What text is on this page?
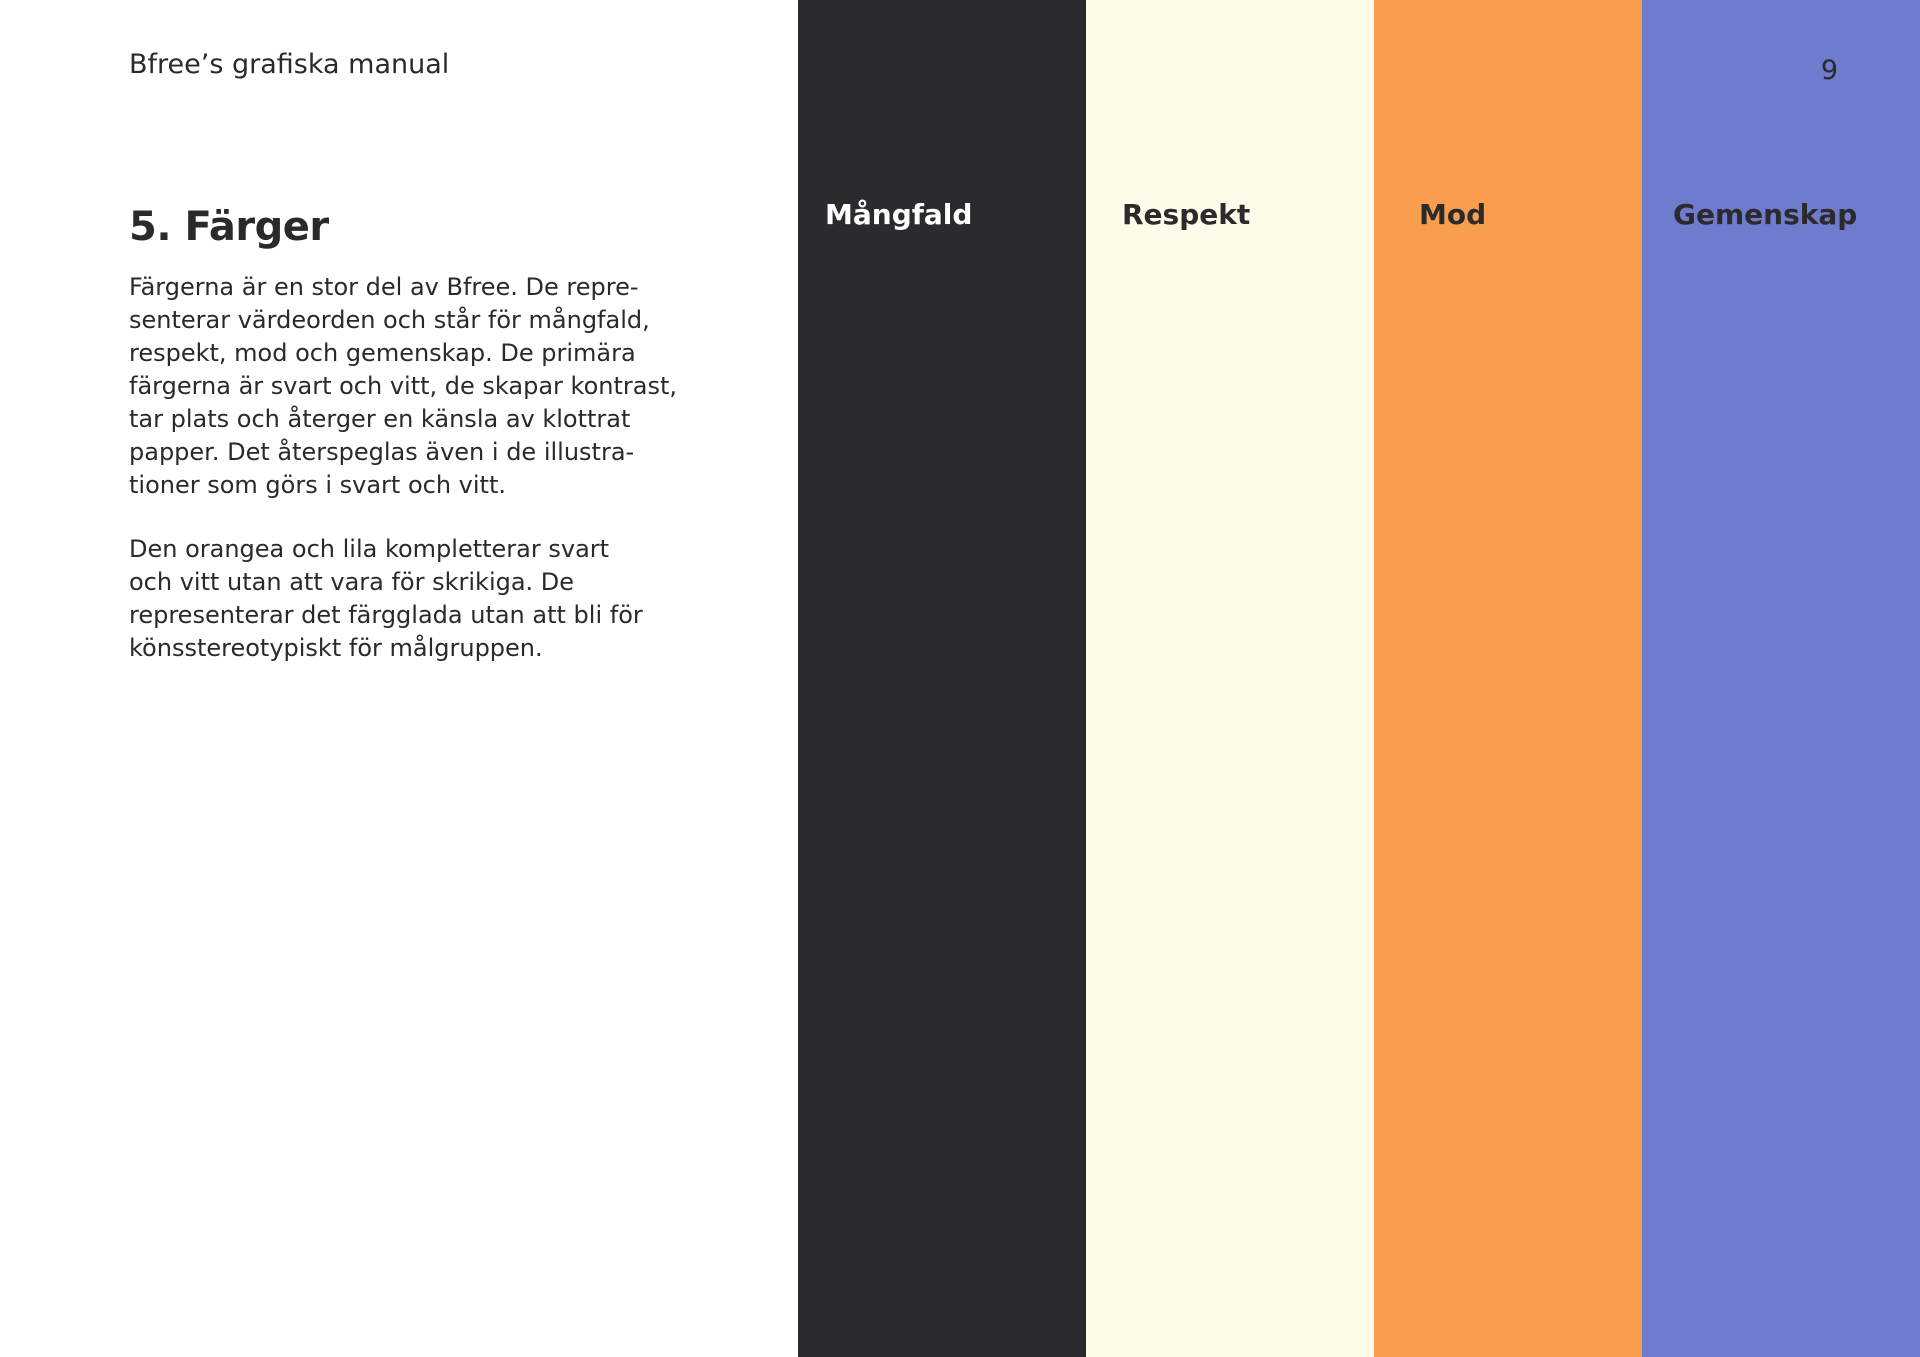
Bfree’s grafiska manual
5. Färger

Färgerna är en stor del av Bfree. De repre-
senterar värdeorden och står för mångfald,
respekt, mod och gemenskap. De primära
färgerna är svart och vitt, de skapar kontrast,
tar plats och återger en känsla av klottrat
papper. Det återspeglas även i de illustra-
tioner som görs i svart och vitt.

Den orangea och lila kompletterar svart
och vitt utan att vara för skrikiga. De
representerar det färgglada utan att bli för
könsstereotypiskt för målgruppen.

Mångfald	Respekt	Mod	Gemenskap
9
